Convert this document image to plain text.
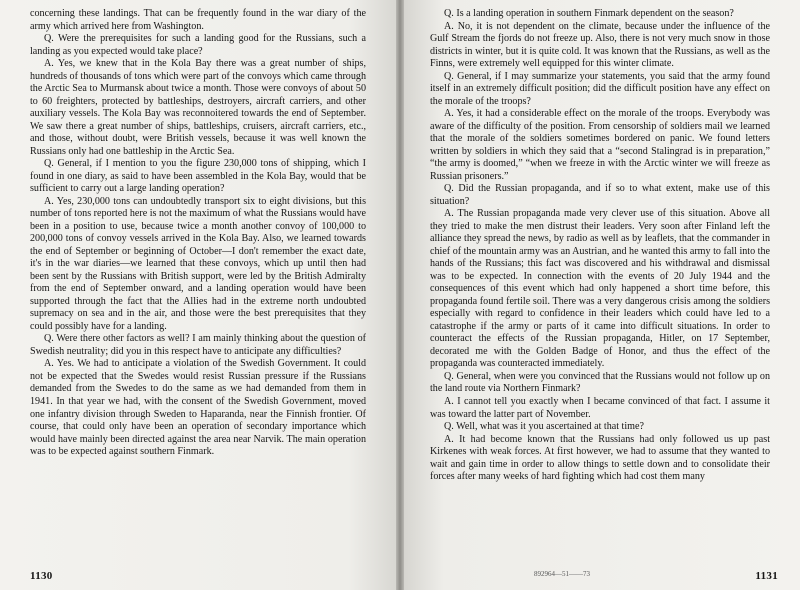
concerning these landings. That can be frequently found in the war diary of the army which arrived here from Washington.

Q. Were the prerequisites for such a landing good for the Russians, such a landing as you expected would take place?

A. Yes, we knew that in the Kola Bay there was a great number of ships, hundreds of thousands of tons which were part of the convoys which came through the Arctic Sea to Murmansk about twice a month. Those were convoys of about 50 to 60 freighters, protected by battleships, destroyers, aircraft carriers, and other auxiliary vessels. The Kola Bay was reconnoitered towards the end of September. We saw there a great number of ships, battleships, cruisers, aircraft carriers, etc., and those, without doubt, were British vessels, because it was well known the Russians only had one battleship in the Arctic Sea.

Q. General, if I mention to you the figure 230,000 tons of shipping, which I found in one diary, as said to have been assembled in the Kola Bay, would that be sufficient to carry out a large landing operation?

A. Yes, 230,000 tons can undoubtedly transport six to eight divisions, but this number of tons reported here is not the maximum of what the Russians would have been in a position to use, because twice a month another convoy of 100,000 to 200,000 tons of convoy vessels arrived in the Kola Bay. Also, we learned towards the end of September or beginning of October—I don't remember the exact date, it's in the war diaries—we learned that these convoys, which up until then had been sent by the Russians with British support, were led by the British Admiralty from the end of September onward, and a landing operation would have been supported through the fact that the Allies had in the extreme north undoubted supremacy on sea and in the air, and those were the best prerequisites that they could possibly have for a landing.

Q. Were there other factors as well? I am mainly thinking about the question of Swedish neutrality; did you in this respect have to anticipate any difficulties?

A. Yes. We had to anticipate a violation of the Swedish Government. It could not be expected that the Swedes would resist Russian pressure if the Russians demanded from the Swedes to do the same as we had demanded from them in 1941. In that year we had, with the consent of the Swedish Government, moved one infantry division through Sweden to Haparanda, near the Finnish frontier. Of course, that could only have been an operation of secondary importance which would have mainly been directed against the area near Narvik. The main operation was to be expected against southern Finmark.

1130

Q. Is a landing operation in southern Finmark dependent on the season?

A. No, it is not dependent on the climate, because under the influence of the Gulf Stream the fjords do not freeze up. Also, there is not very much snow in those districts in winter, but it is quite cold. It was known that the Russians, as well as the Finns, were extremely well equipped for this winter climate.

Q. General, if I may summarize your statements, you said that the army found itself in an extremely difficult position; did the difficult position have any effect on the morale of the troops?

A. Yes, it had a considerable effect on the morale of the troops. Everybody was aware of the difficulty of the position. From censorship of soldiers mail we learned that the morale of the soldiers sometimes bordered on panic. We found letters written by soldiers in which they said that a “second Stalingrad is in preparation,” “the army is doomed,” “when we freeze in with the Arctic winter we will freeze as Russian prisoners.”

Q. Did the Russian propaganda, and if so to what extent, make use of this situation?

A. The Russian propaganda made very clever use of this situation. Above all they tried to make the men distrust their leaders. Very soon after Finland left the alliance they spread the news, by radio as well as by leaflets, that the commander in chief of the mountain army was an Austrian, and he wanted this army to fall into the hands of the Russians; this fact was discovered and his withdrawal and dismissal was to be expected. In connection with the events of 20 July 1944 and the consequences of this event which had only happened a short time before, this propaganda found fertile soil. There was a very dangerous crisis among the soldiers especially with regard to confidence in their leaders which could have led to a catastrophe if the army or parts of it came into difficult situations. In order to counteract the effects of the Russian propaganda, Hitler, on 17 September, decorated me with the Golden Badge of Honor, and thus the effect of the propaganda was counteracted immediately.

Q. General, when were you convinced that the Russians would not follow up on the land route via Northern Finmark?

A. I cannot tell you exactly when I became convinced of that fact. I assume it was toward the latter part of November.

Q. Well, what was it you ascertained at that time?

A. It had become known that the Russians had only followed us up past Kirkenes with weak forces. At first however, we had to assume that they wanted to wait and gain time in order to allow things to settle down and to consolidate their forces after many weeks of hard fighting which had cost them many

892964—51——73	1131
